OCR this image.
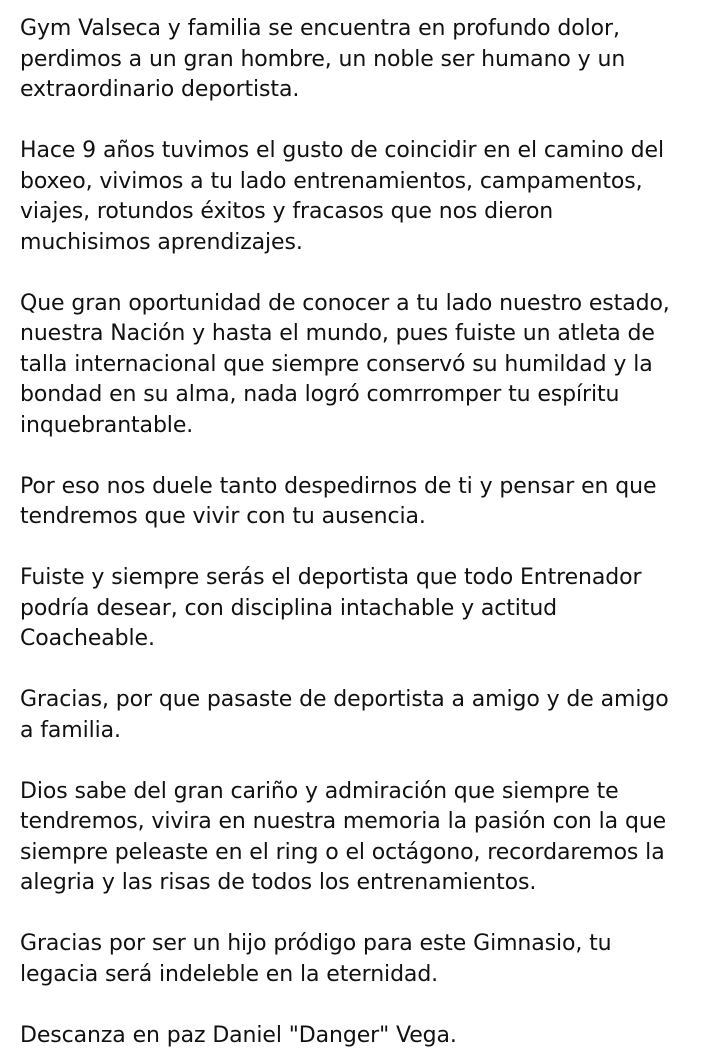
Gym Valseca y familia se encuentra en profundo dolor,
perdimos a un gran hombre, un noble ser humano y un
extraordinario deportista.

Hace 9 años tuvimos el gusto de coincidir en el camino del
boxeo, vivimos a tu lado entrenamientos, campamentos,
viajes, rotundos éxitos y fracasos que nos dieron
muchisimos aprendizajes.

Que gran oportunidad de conocer a tu lado nuestro estado,
nuestra Nación y hasta el mundo, pues fuiste un atleta de
talla internacional que siempre conservó su humildad y la
bondad en su alma, nada logró comrromper tu espíritu
inquebrantable.

Por eso nos duele tanto despedirnos de ti y pensar en que
tendremos que vivir con tu ausencia.

Fuiste y siempre serás el deportista que todo Entrenador
podría desear, con disciplina intachable y actitud
Coacheable.

Gracias, por que pasaste de deportista a amigo y de amigo
a familia.

Dios sabe del gran cariño y admiración que siempre te
tendremos, vivira en nuestra memoria la pasión con la que
siempre peleaste en el ring o el octágono, recordaremos la
alegria y las risas de todos los entrenamientos.

Gracias por ser un hijo pródigo para este Gimnasio, tu
legacia será indeleble en la eternidad.

Descanza en paz Daniel "Danger" Vega.
